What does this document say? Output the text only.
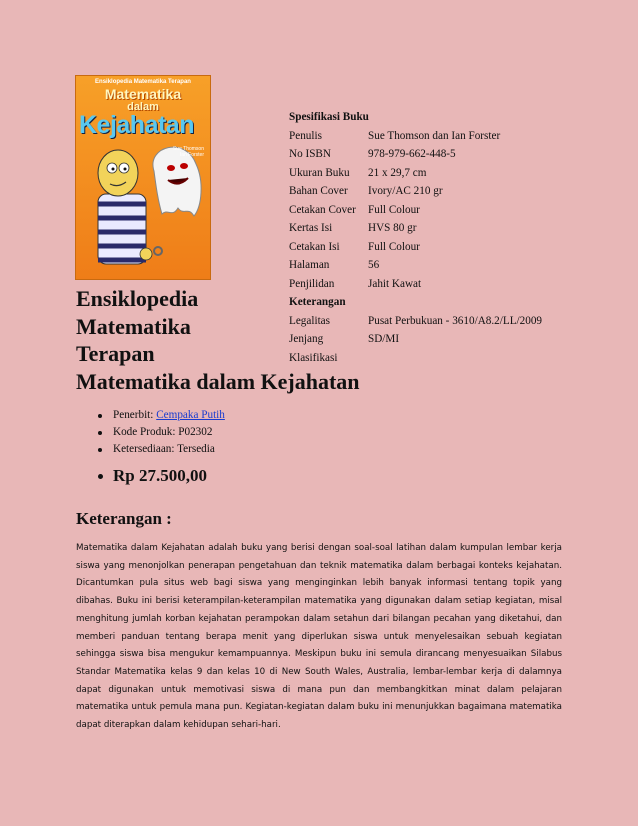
Ensiklopedia Matematika Terapan
Matematika
dalam
Kejahatan
Sue Thomson
Ian Forster
Spesifikasi Buku
Penulis	Sue Thomson dan Ian Forster
No ISBN	978-979-662-448-5
Ukuran Buku	21 x 29,7 cm
Bahan Cover	Ivory/AC 210 gr
Cetakan Cover	Full Colour
Kertas Isi	HVS 80 gr
Cetakan Isi	Full Colour
Halaman	56
Penjilidan	Jahit Kawat
Keterangan
Legalitas	Pusat Perbukuan - 3610/A8.2/LL/2009
Jenjang	SD/MI
Klasifikasi
Ensiklopedia
Matematika
Terapan
Matematika dalam Kejahatan
Penerbit: Cempaka Putih
Kode Produk: P02302
Ketersediaan: Tersedia
Rp 27.500,00
Keterangan :
Matematika dalam Kejahatan adalah buku yang berisi dengan soal-soal latihan dalam kumpulan lembar kerja siswa yang menonjolkan penerapan pengetahuan dan teknik matematika dalam berbagai konteks kejahatan. Dicantumkan pula situs web bagi siswa yang menginginkan lebih banyak informasi tentang topik yang dibahas. Buku ini berisi keterampilan-keterampilan matematika yang digunakan dalam setiap kegiatan, misal menghitung jumlah korban kejahatan perampokan dalam setahun dari bilangan pecahan yang diketahui, dan memberi panduan tentang berapa menit yang diperlukan siswa untuk menyelesaikan sebuah kegiatan sehingga siswa bisa mengukur kemampuannya. Meskipun buku ini semula dirancang menyesuaikan Silabus Standar Matematika kelas 9 dan kelas 10 di New South Wales, Australia, lembar-lembar kerja di dalamnya dapat digunakan untuk memotivasi siswa di mana pun dan membangkitkan minat dalam pelajaran matematika untuk pemula mana pun. Kegiatan-kegiatan dalam buku ini menunjukkan bagaimana matematika dapat diterapkan dalam kehidupan sehari-hari.
